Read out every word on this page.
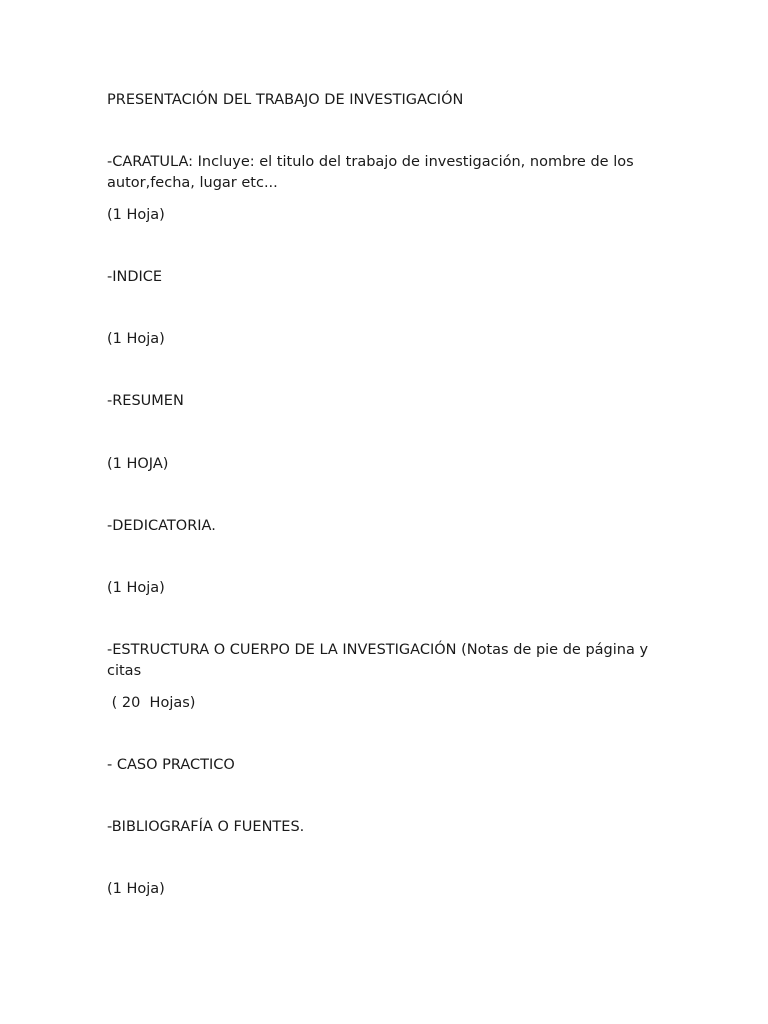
PRESENTACIÓN DEL TRABAJO DE INVESTIGACIÓN

-CARATULA: Incluye: el titulo del trabajo de investigación, nombre de los autor,fecha, lugar etc...

(1 Hoja)

-INDICE

(1 Hoja)

-RESUMEN

(1 HOJA)

-DEDICATORIA.

(1 Hoja)

-ESTRUCTURA O CUERPO DE LA INVESTIGACIÓN (Notas de pie de página y citas

( 20  Hojas)

- CASO PRACTICO

-BIBLIOGRAFÍA O FUENTES.

(1 Hoja)
